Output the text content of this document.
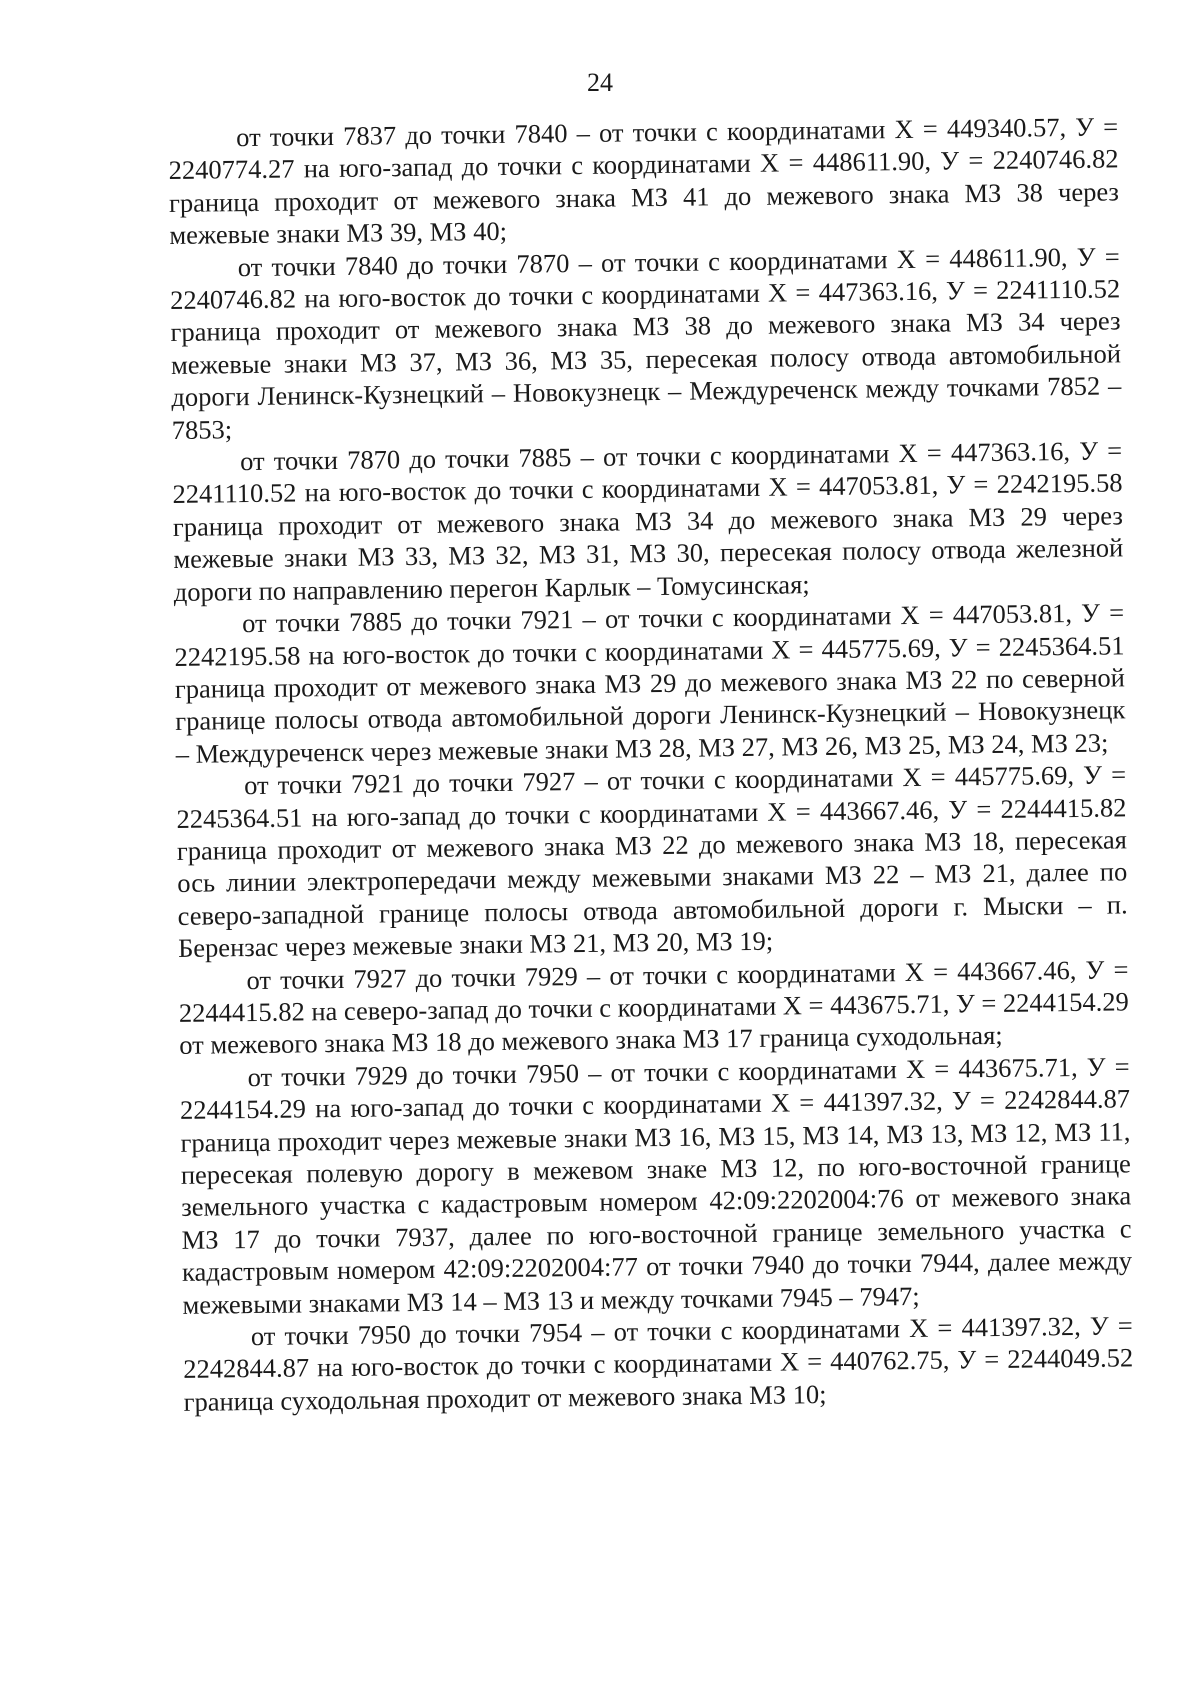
24

от точки 7837 до точки 7840 – от точки с координатами Х = 449340.57, У = 2240774.27 на юго-запад до точки с координатами Х = 448611.90, У = 2240746.82 граница проходит от межевого знака МЗ 41 до межевого знака МЗ 38 через межевые знаки МЗ 39, МЗ 40;

от точки 7840 до точки 7870 – от точки с координатами Х = 448611.90, У = 2240746.82 на юго-восток до точки с координатами Х = 447363.16, У = 2241110.52 граница проходит от межевого знака МЗ 38 до межевого знака МЗ 34 через межевые знаки МЗ 37, МЗ 36, МЗ 35, пересекая полосу отвода автомобильной дороги Ленинск-Кузнецкий – Новокузнецк – Междуреченск между точками 7852 – 7853;

от точки 7870 до точки 7885 – от точки с координатами Х = 447363.16, У = 2241110.52 на юго-восток до точки с координатами Х = 447053.81, У = 2242195.58 граница проходит от межевого знака МЗ 34 до межевого знака МЗ 29 через межевые знаки МЗ 33, МЗ 32, МЗ 31, МЗ 30, пересекая полосу отвода железной дороги по направлению перегон Карлык – Томусинская;

от точки 7885 до точки 7921 – от точки с координатами Х = 447053.81, У = 2242195.58 на юго-восток до точки с координатами Х = 445775.69, У = 2245364.51 граница проходит от межевого знака МЗ 29 до межевого знака МЗ 22 по северной границе полосы отвода автомобильной дороги Ленинск-Кузнецкий – Новокузнецк – Междуреченск через межевые знаки МЗ 28, МЗ 27, МЗ 26, МЗ 25, МЗ 24, МЗ 23;

от точки 7921 до точки 7927 – от точки с координатами Х = 445775.69, У = 2245364.51 на юго-запад до точки с координатами Х = 443667.46, У = 2244415.82 граница проходит от межевого знака МЗ 22 до межевого знака МЗ 18, пересекая ось линии электропередачи между межевыми знаками МЗ 22 – МЗ 21, далее по северо-западной границе полосы отвода автомобильной дороги г. Мыски – п. Берензас через межевые знаки МЗ 21, МЗ 20, МЗ 19;

от точки 7927 до точки 7929 – от точки с координатами Х = 443667.46, У = 2244415.82 на северо-запад до точки с координатами Х = 443675.71, У = 2244154.29 от межевого знака МЗ 18 до межевого знака МЗ 17 граница суходольная;

от точки 7929 до точки 7950 – от точки с координатами Х = 443675.71, У = 2244154.29 на юго-запад до точки с координатами Х = 441397.32, У = 2242844.87 граница проходит через межевые знаки МЗ 16, МЗ 15, МЗ 14, МЗ 13, МЗ 12, МЗ 11, пересекая полевую дорогу в межевом знаке МЗ 12, по юго-восточной границе земельного участка с кадастровым номером 42:09:2202004:76 от межевого знака МЗ 17 до точки 7937, далее по юго-восточной границе земельного участка с кадастровым номером 42:09:2202004:77 от точки 7940 до точки 7944, далее между межевыми знаками МЗ 14 – МЗ 13 и между точками 7945 – 7947;

от точки 7950 до точки 7954 – от точки с координатами Х = 441397.32, У = 2242844.87 на юго-восток до точки с координатами Х = 440762.75, У = 2244049.52 граница суходольная проходит от межевого знака МЗ 10;
